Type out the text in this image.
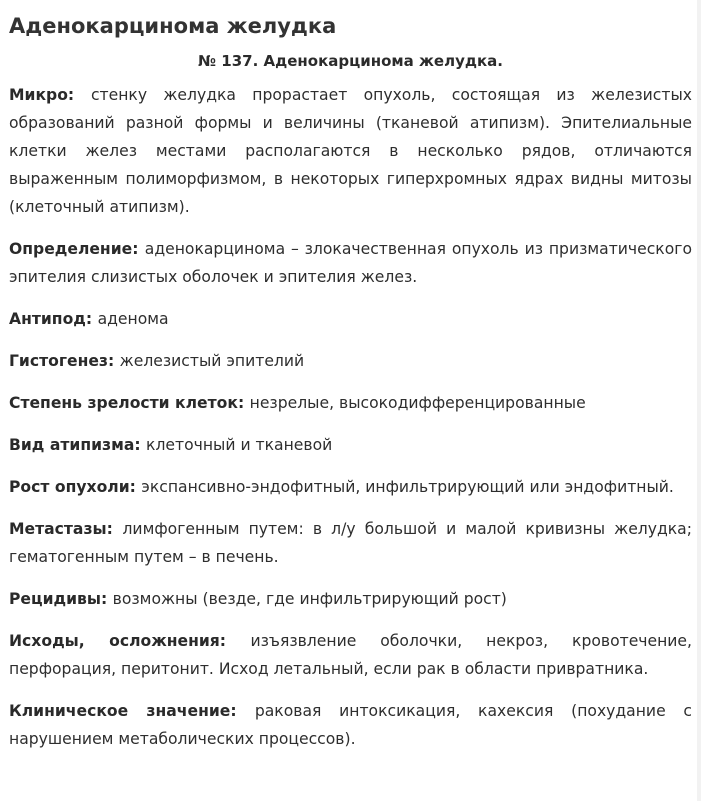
Аденокарцинома желудка
№ 137. Аденокарцинома желудка.

Микро: стенку желудка прорастает опухоль, состоящая из железистых образований разной формы и величины (тканевой атипизм). Эпителиальные клетки желез местами располагаются в несколько рядов, отличаются выраженным полиморфизмом, в некоторых гиперхромных ядрах видны митозы (клеточный атипизм).

Определение: аденокарцинома – злокачественная опухоль из призматического эпителия слизистых оболочек и эпителия желез.

Антипод: аденома

Гистогенез: железистый эпителий

Степень зрелости клеток: незрелые, высокодифференцированные

Вид атипизма: клеточный и тканевой

Рост опухоли: экспансивно-эндофитный, инфильтрирующий или эндофитный.

Метастазы: лимфогенным путем: в л/у большой и малой кривизны желудка; гематогенным путем – в печень.

Рецидивы: возможны (везде, где инфильтрирующий рост)

Исходы, осложнения: изъязвление оболочки, некроз, кровотечение, перфорация, перитонит. Исход летальный, если рак в области привратника.

Клиническое значение: раковая интоксикация, кахексия (похудание с нарушением метаболических процессов).
